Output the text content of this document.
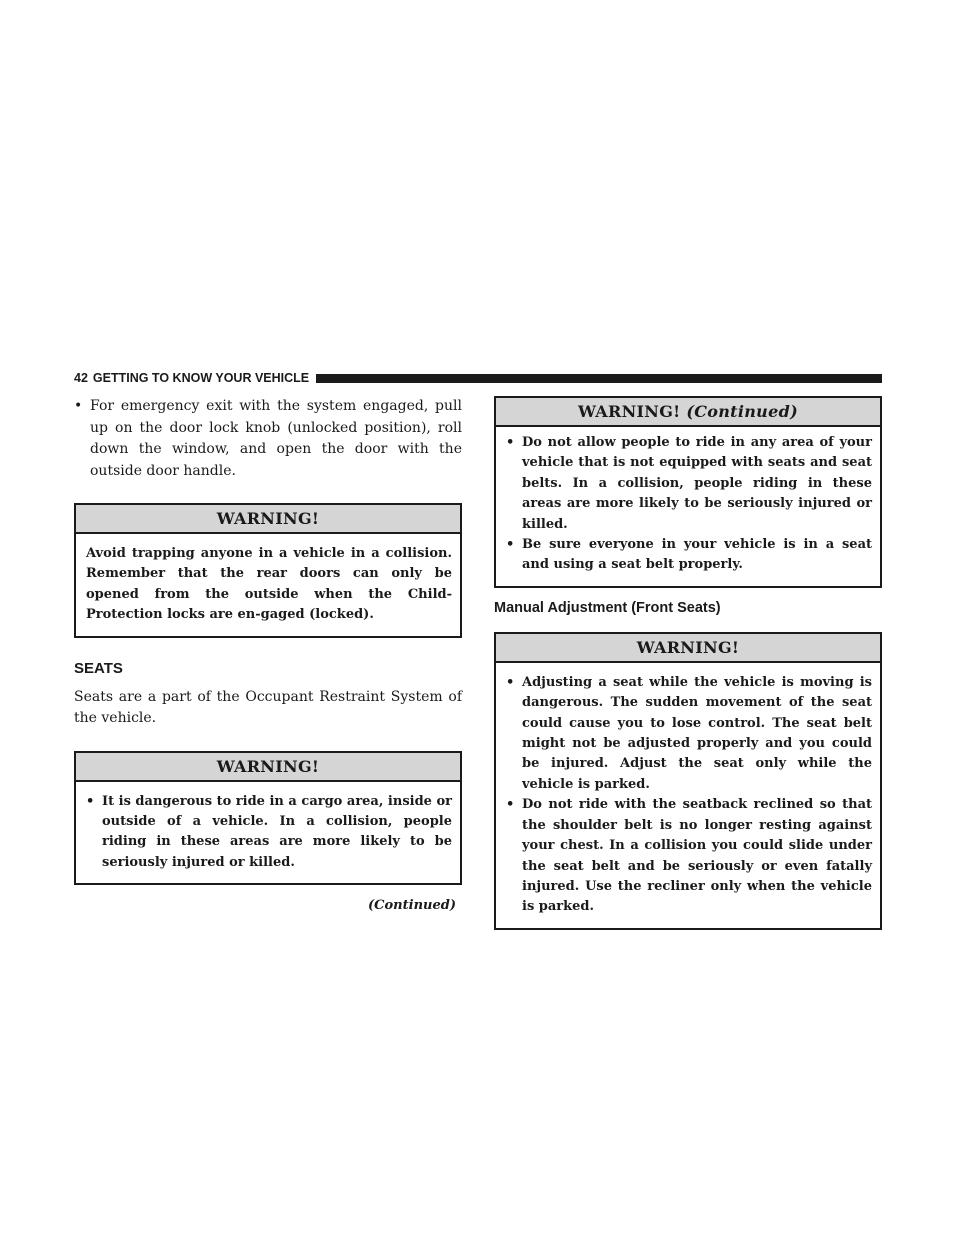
42 GETTING TO KNOW YOUR VEHICLE
• For emergency exit with the system engaged, pull up on the door lock knob (unlocked position), roll down the window, and open the door with the outside door handle.
WARNING!

Avoid trapping anyone in a vehicle in a collision. Remember that the rear doors can only be opened from the outside when the Child-Protection locks are en-gaged (locked).

SEATS

Seats are a part of the Occupant Restraint System of the vehicle.

WARNING!
• It is dangerous to ride in a cargo area, inside or outside of a vehicle. In a collision, people riding in these areas are more likely to be seriously injured or killed.
(Continued)
WARNING! (Continued)
• Do not allow people to ride in any area of your vehicle that is not equipped with seats and seat belts. In a collision, people riding in these areas are more likely to be seriously injured or killed.
• Be sure everyone in your vehicle is in a seat and using a seat belt properly.
Manual Adjustment (Front Seats)
WARNING!
• Adjusting a seat while the vehicle is moving is dangerous. The sudden movement of the seat could cause you to lose control. The seat belt might not be adjusted properly and you could be injured. Adjust the seat only while the vehicle is parked.
• Do not ride with the seatback reclined so that the shoulder belt is no longer resting against your chest. In a collision you could slide under the seat belt and be seriously or even fatally injured. Use the recliner only when the vehicle is parked.
